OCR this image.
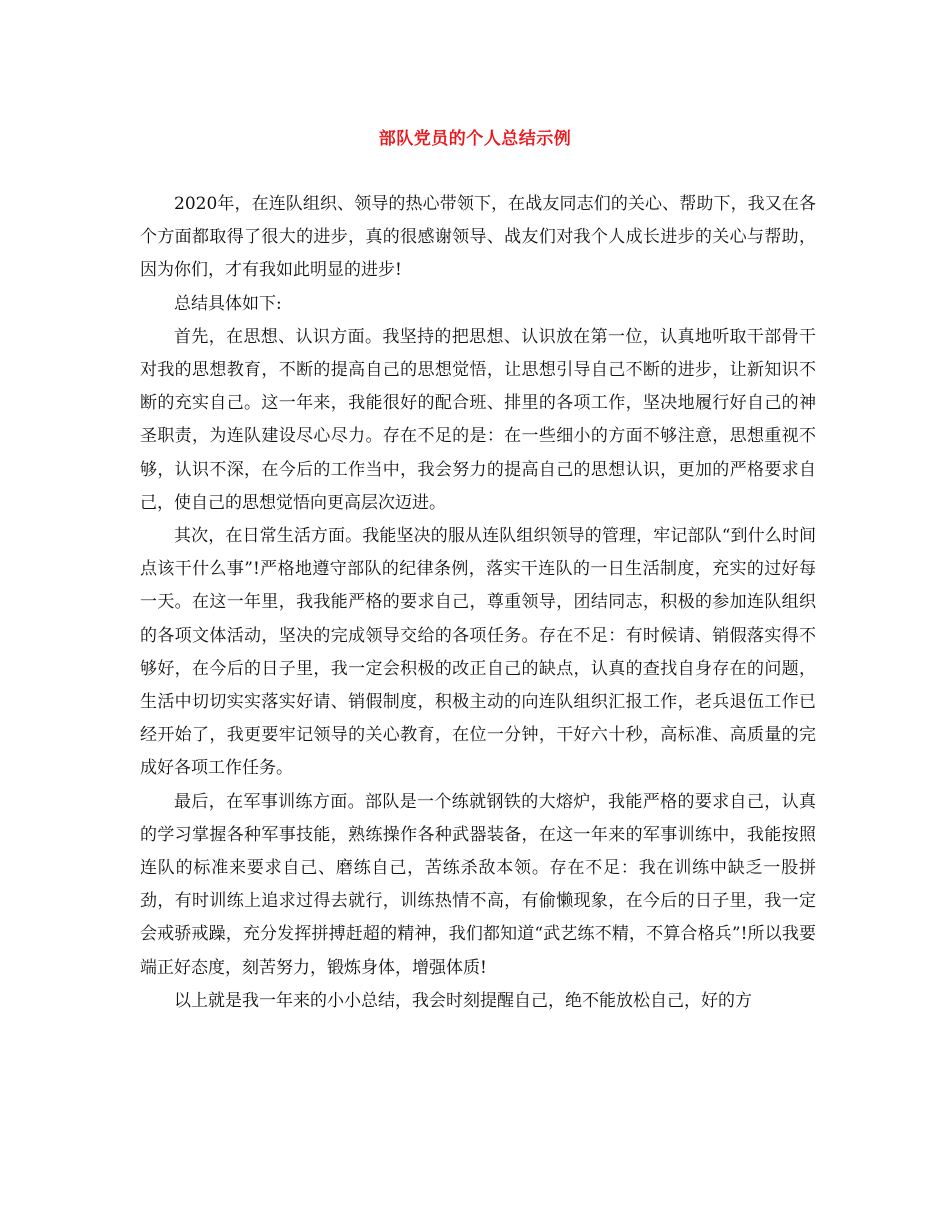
部队党员的个人总结示例

2020年，在连队组织、领导的热心带领下，在战友同志们的关心、帮助下，我又在各个方面都取得了很大的进步，真的很感谢领导、战友们对我个人成长进步的关心与帮助，因为你们，才有我如此明显的进步!

总结具体如下:

首先，在思想、认识方面。我坚持的把思想、认识放在第一位，认真地听取干部骨干对我的思想教育，不断的提高自己的思想觉悟，让思想引导自己不断的进步，让新知识不断的充实自己。这一年来，我能很好的配合班、排里的各项工作，坚决地履行好自己的神圣职责，为连队建设尽心尽力。存在不足的是：在一些细小的方面不够注意，思想重视不够，认识不深，在今后的工作当中，我会努力的提高自己的思想认识，更加的严格要求自己，使自己的思想觉悟向更高层次迈进。

其次，在日常生活方面。我能坚决的服从连队组织领导的管理，牢记部队“到什么时间点该干什么事”!严格地遵守部队的纪律条例，落实干连队的一日生活制度，充实的过好每一天。在这一年里，我我能严格的要求自己，尊重领导，团结同志，积极的参加连队组织的各项文体活动，坚决的完成领导交给的各项任务。存在不足：有时候请、销假落实得不够好，在今后的日子里，我一定会积极的改正自己的缺点，认真的查找自身存在的问题，生活中切切实实落实好请、销假制度，积极主动的向连队组织汇报工作，老兵退伍工作已经开始了，我更要牢记领导的关心教育，在位一分钟，干好六十秒，高标准、高质量的完成好各项工作任务。

最后，在军事训练方面。部队是一个练就钢铁的大熔炉，我能严格的要求自己，认真的学习掌握各种军事技能，熟练操作各种武器装备，在这一年来的军事训练中，我能按照连队的标准来要求自己、磨练自己，苦练杀敌本领。存在不足：我在训练中缺乏一股拼劲，有时训练上追求过得去就行，训练热情不高，有偷懒现象，在今后的日子里，我一定会戒骄戒躁，充分发挥拼搏赶超的精神，我们都知道“武艺练不精，不算合格兵”!所以我要端正好态度，刻苦努力，锻炼身体，增强体质!

以上就是我一年来的小小总结，我会时刻提醒自己，绝不能放松自己，好的方
